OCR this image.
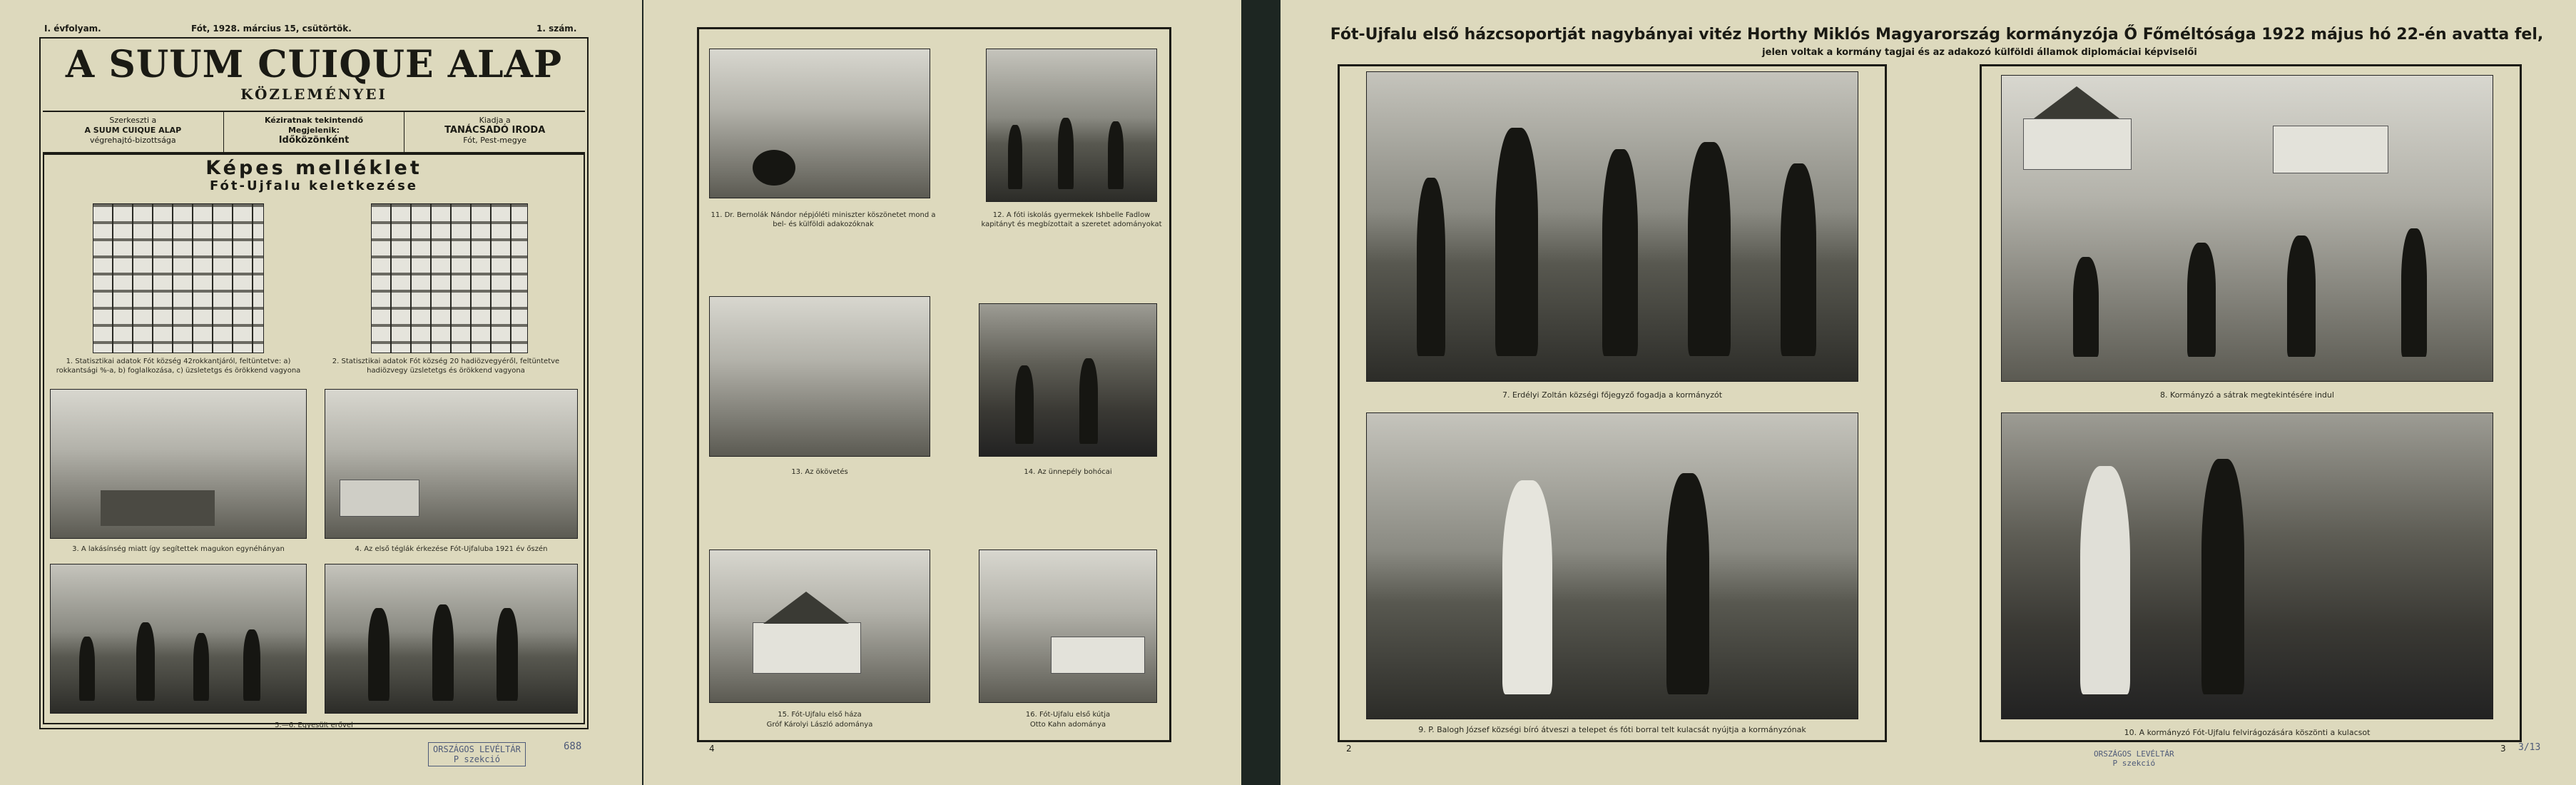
I. évfolyam.	Fót, 1928. március 15, csütörtök.	1. szám.
A SUUM CUIQUE ALAP
KÖZLEMÉNYEI
Szerkeszti a
A SUUM CUIQUE ALAP
végrehajtó-bizottsága
Kéziratnak tekintendő
Megjelenik:
Időközönként
Kiadja a
TANÁCSADÓ IRODA
Fót, Pest-megye
Képes melléklet
Fót-Ujfalu keletkezése
1. Statisztikai adatok Fót község 42rokkantjáról, feltüntetve: a) rokkantsági %-a, b) foglalkozása, c) üzsletetgs és örökkend vagyona
2. Statisztikai adatok Fót község 20 hadiözvegyéről, feltüntetve hadiözvegy üzsletetgs és örökkend vagyona
3. A lakásínség miatt így segítettek magukon egynéhányan	4. Az első téglák érkezése Fót-Ujfaluba 1921 év őszén
5.—6. Egyesült erővel
ORSZÁGOS LEVÉLTÁR
P szekció
688
11. Dr. Bernolák Nándor népjóléti miniszter köszönetet mond a bel- és külföldi adakozóknak
12. A fóti iskolás gyermekek Ishbelle Fadlow kapitányt és megbízottait a szeretet adományokat
13. Az ökövetés	14. Az ünnepély bohócai
15. Fót-Ujfalu első háza
Gróf Károlyi László adománya
16. Fót-Ujfalu első kútja
Otto Kahn adománya
4
Fót-Ujfalu első házcsoportját nagybányai vitéz Horthy Miklós Magyarország kormányzója Ő Főméltósága 1922 május hó 22-én avatta fel,
jelen voltak a kormány tagjai és az adakozó külföldi államok diplomáciai képviselői
7. Erdélyi Zoltán községi főjegyző fogadja a kormányzót	8. Kormányzó a sátrak megtekintésére indul
9. P. Balogh József községi bíró átveszi a telepet és fóti borral telt kulacsát nyújtja a kormányzónak	10. A kormányzó Fót-Ujfalu felvirágozására köszönti a kulacsot
2	3
ORSZÁGOS LEVÉLTÁR
P szekció
3/13
